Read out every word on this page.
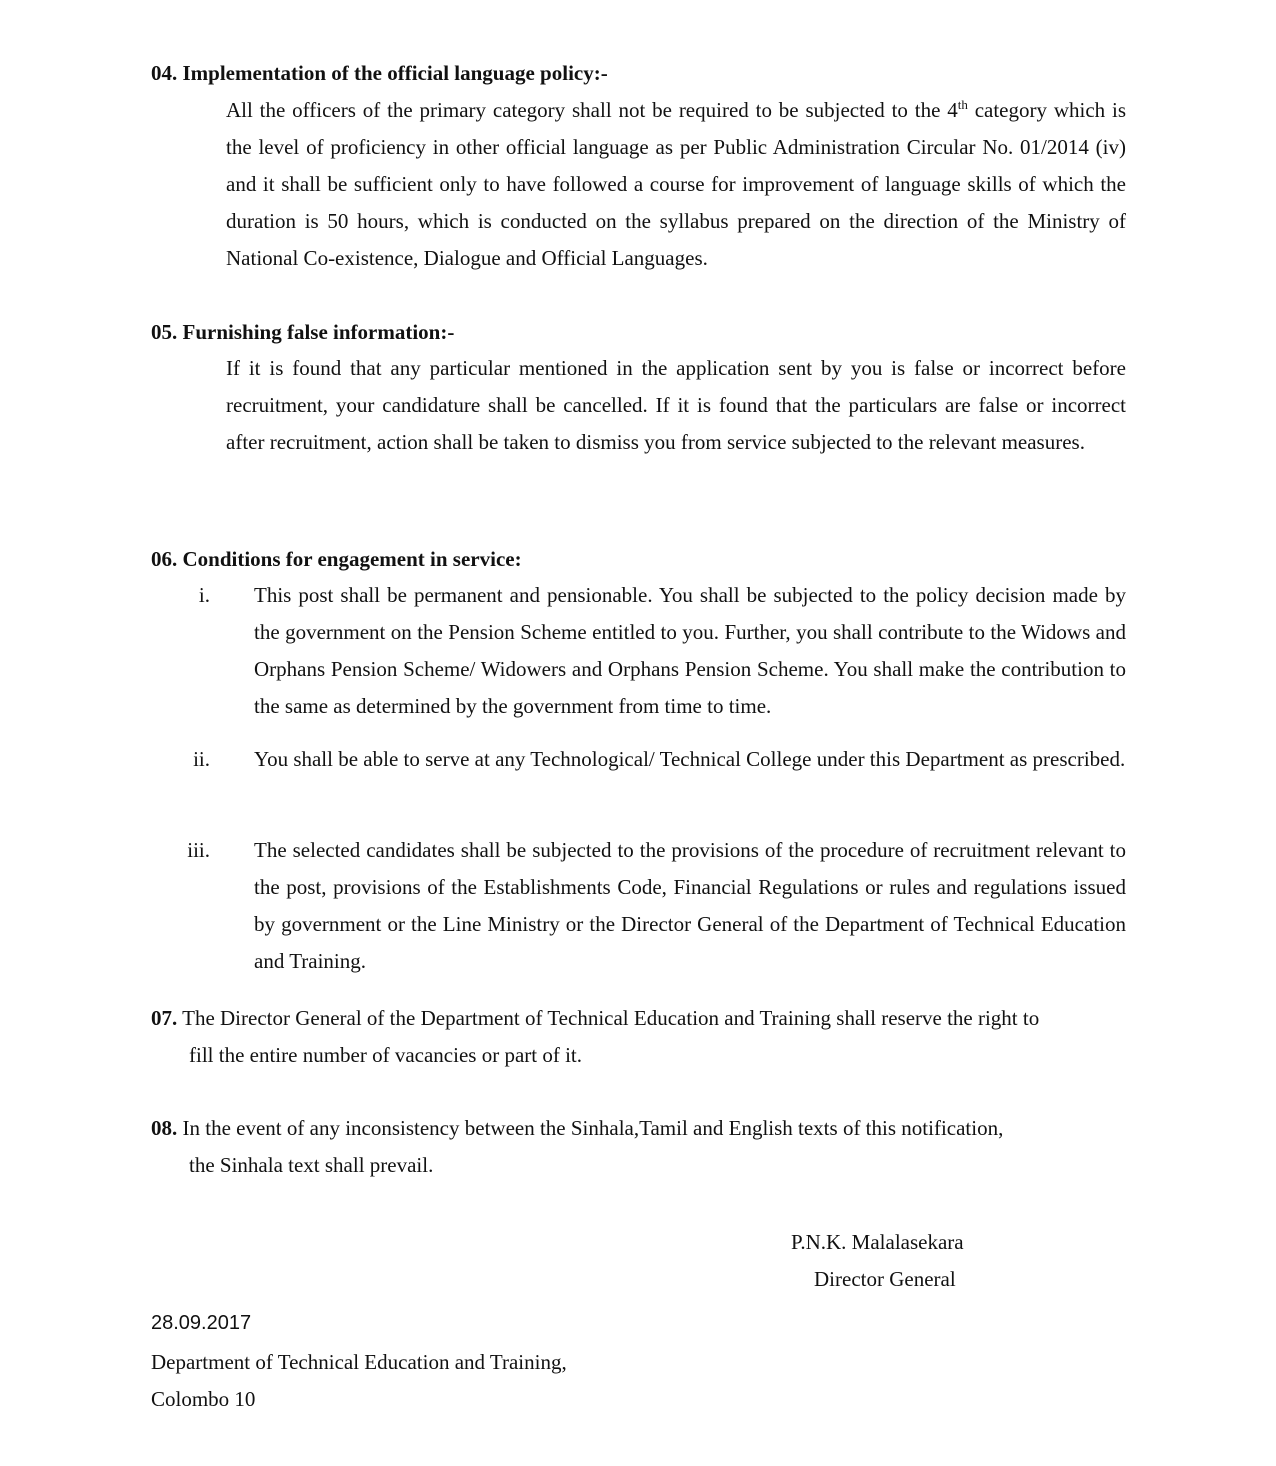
04. Implementation of the official language policy:-
All the officers of the primary category shall not be required to be subjected to the 4th category which is the level of proficiency in other official language as per Public Administration Circular No. 01/2014 (iv) and it shall be sufficient only to have followed a course for improvement of language skills of which the duration is 50 hours, which is conducted on the syllabus prepared on the direction of the Ministry of National Co-existence, Dialogue and Official Languages.
05. Furnishing false information:-
If it is found that any particular mentioned in the application sent by you is false or incorrect before recruitment, your candidature shall be cancelled. If it is found that the particulars are false or incorrect after recruitment, action shall be taken to dismiss you from service subjected to the relevant measures.
06. Conditions for engagement in service:
i. This post shall be permanent and pensionable. You shall be subjected to the policy decision made by the government on the Pension Scheme entitled to you. Further, you shall contribute to the Widows and Orphans Pension Scheme/ Widowers and Orphans Pension Scheme. You shall make the contribution to the same as determined by the government from time to time.
ii. You shall be able to serve at any Technological/ Technical College under this Department as prescribed.
iii. The selected candidates shall be subjected to the provisions of the procedure of recruitment relevant to the post, provisions of the Establishments Code, Financial Regulations or rules and regulations issued by government or the Line Ministry or the Director General of the Department of Technical Education and Training.
07. The Director General of the Department of Technical Education and Training shall reserve the right to
fill the entire number of vacancies or part of it.
08. In the event of any inconsistency between the Sinhala,Tamil and English texts of this notification,
the Sinhala text shall prevail.
P.N.K. Malalasekara
Director General
28.09.2017
Department of Technical Education and Training,
Colombo 10
